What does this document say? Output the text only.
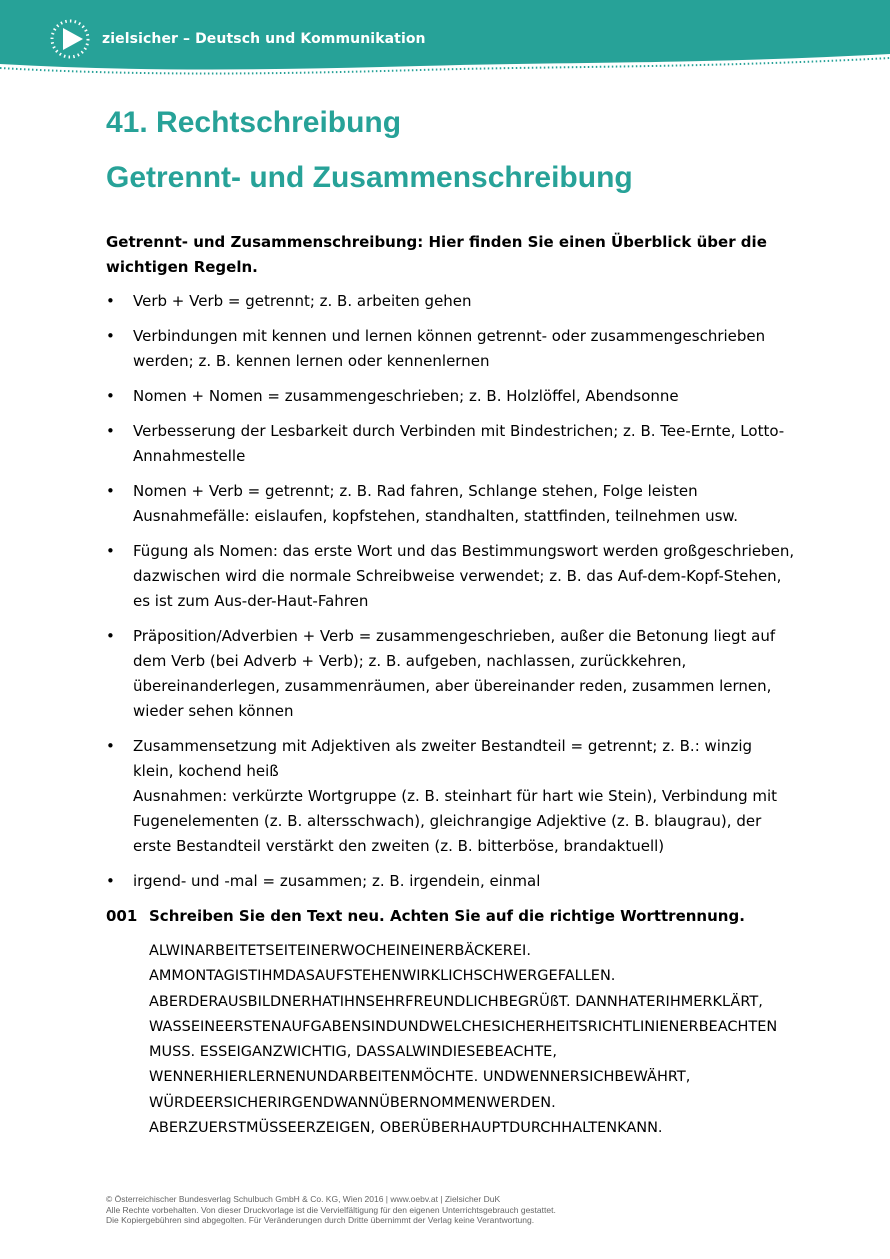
zielsicher – Deutsch und Kommunikation
41. Rechtschreibung
Getrennt- und Zusammenschreibung

Getrennt- und Zusammenschreibung: Hier finden Sie einen Überblick über die wichtigen Regeln.

• Verb + Verb = getrennt; z. B. arbeiten gehen
• Verbindungen mit kennen und lernen können getrennt- oder zusammengeschrieben werden; z. B. kennen lernen oder kennenlernen
• Nomen + Nomen = zusammengeschrieben; z. B. Holzlöffel, Abendsonne
• Verbesserung der Lesbarkeit durch Verbinden mit Bindestrichen; z. B. Tee-Ernte, Lotto-Annahmestelle
• Nomen + Verb = getrennt; z. B. Rad fahren, Schlange stehen, Folge leisten
Ausnahmefälle: eislaufen, kopfstehen, standhalten, stattfinden, teilnehmen usw.
• Fügung als Nomen: das erste Wort und das Bestimmungswort werden großgeschrieben, dazwischen wird die normale Schreibweise verwendet; z. B. das Auf-dem-Kopf-Stehen, es ist zum Aus-der-Haut-Fahren
• Präposition/Adverbien + Verb = zusammengeschrieben, außer die Betonung liegt auf dem Verb (bei Adverb + Verb); z. B. aufgeben, nachlassen, zurückkehren, übereinanderlegen, zusammenräumen, aber übereinander reden, zusammen lernen, wieder sehen können
• Zusammensetzung mit Adjektiven als zweiter Bestandteil = getrennt; z. B.: winzig klein, kochend heiß
Ausnahmen: verkürzte Wortgruppe (z. B. steinhart für hart wie Stein), Verbindung mit Fugenelementen (z. B. altersschwach), gleichrangige Adjektive (z. B. blaugrau), der erste Bestandteil verstärkt den zweiten (z. B. bitterböse, brandaktuell)
• irgend- und -mal = zusammen; z. B. irgendein, einmal
001 Schreiben Sie den Text neu. Achten Sie auf die richtige Worttrennung.
ALWINARBEITETSEITEINERWOCHEINEINERBÄCKEREI.
AMMONTAGISTIHMDASAUFSTEHENWIRKLICHSCHWERGEFALLEN.
ABERDERAUSBILDNERHATIHNSEHRFREUNDLICHBEGRÜßT. DANNHATERIHMERKLÄRT,
WASSEINEERSTENAUFGABENSINDUNDWELCHESICHERHEITSRICHTLINIENERBEACHTEN
MUSS. ESSEIGANZWICHTIG, DASSALWINDIESEBEACHTE,
WENNERHIERLERNENUNDARBEITENMÖCHTE. UNDWENNERSICHBEWÄHRT,
WÜRDEERSICHERIRGENDWANNÜBERNOMMENWERDEN.
ABERZUERSTMÜSSEERZEIGEN, OBERÜBERHAUPTDURCHHALTENKANN.
© Österreichischer Bundesverlag Schulbuch GmbH & Co. KG, Wien 2016 | www.oebv.at | Zielsicher DuK
Alle Rechte vorbehalten. Von dieser Druckvorlage ist die Vervielfältigung für den eigenen Unterrichtsgebrauch gestattet.
Die Kopiergebühren sind abgegolten. Für Veränderungen durch Dritte übernimmt der Verlag keine Verantwortung.
